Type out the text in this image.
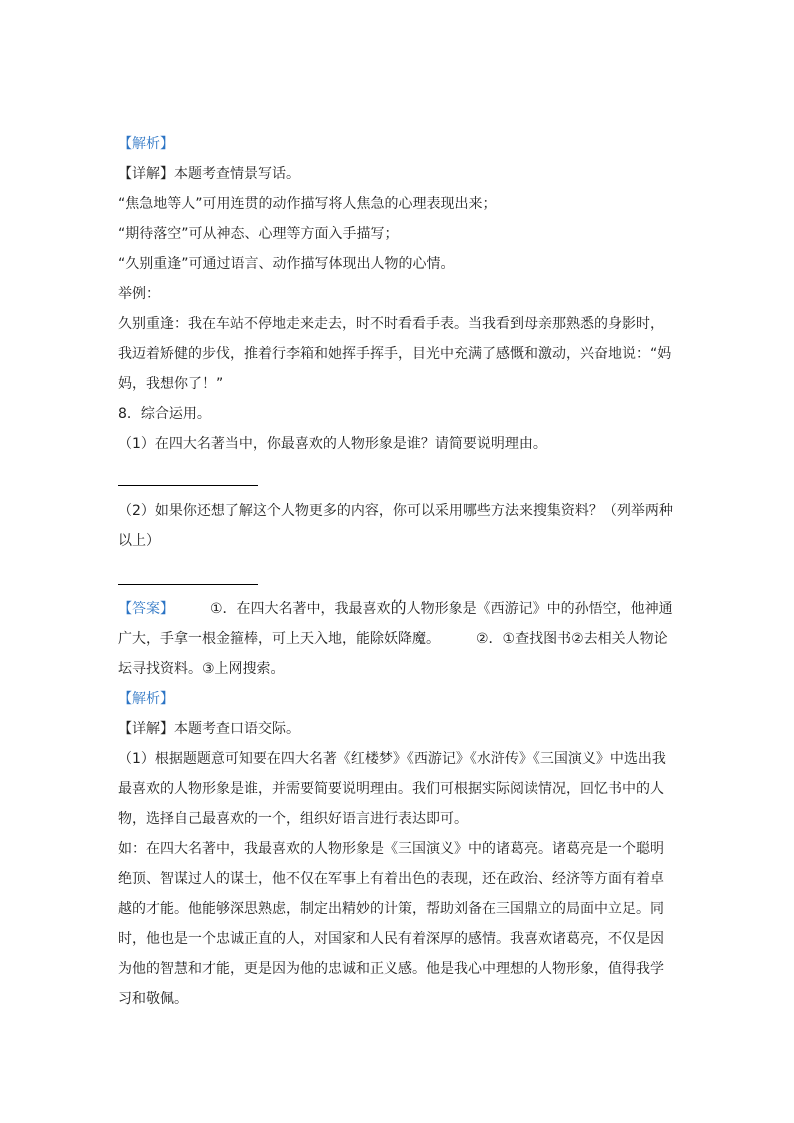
【解析】
【详解】本题考查情景写话。
“焦急地等人”可用连贯的动作描写将人焦急的心理表现出来；
“期待落空”可从神态、心理等方面入手描写；
“久别重逢”可通过语言、动作描写体现出人物的心情。
举例：
久别重逢：我在车站不停地走来走去，时不时看看手表。当我看到母亲那熟悉的身影时，
我迈着矫健的步伐，推着行李箱和她挥手挥手，目光中充满了感慨和激动，兴奋地说：“妈
妈，我想你了！”
8．综合运用。
（1）在四大名著当中，你最喜欢的人物形象是谁？请简要说明理由。
（2）如果你还想了解这个人物更多的内容，你可以采用哪些方法来搜集资料？（列举两种
以上）
【答案】	①．在四大名著中，我最喜欢的人物形象是《西游记》中的孙悟空，他神通
广大，手拿一根金箍棒，可上天入地，能除妖降魔。	②．①查找图书②去相关人物论
坛寻找资料。③上网搜索。
【解析】
【详解】本题考查口语交际。
（1）根据题题意可知要在四大名著《红楼梦》《西游记》《水浒传》《三国演义》中选出我
最喜欢的人物形象是谁，并需要简要说明理由。我们可根据实际阅读情况，回忆书中的人
物，选择自己最喜欢的一个，组织好语言进行表达即可。
如：在四大名著中，我最喜欢的人物形象是《三国演义》中的诸葛亮。诸葛亮是一个聪明
绝顶、智谋过人的谋士，他不仅在军事上有着出色的表现，还在政治、经济等方面有着卓
越的才能。他能够深思熟虑，制定出精妙的计策，帮助刘备在三国鼎立的局面中立足。同
时，他也是一个忠诚正直的人，对国家和人民有着深厚的感情。我喜欢诸葛亮，不仅是因
为他的智慧和才能，更是因为他的忠诚和正义感。他是我心中理想的人物形象，值得我学
习和敬佩。
